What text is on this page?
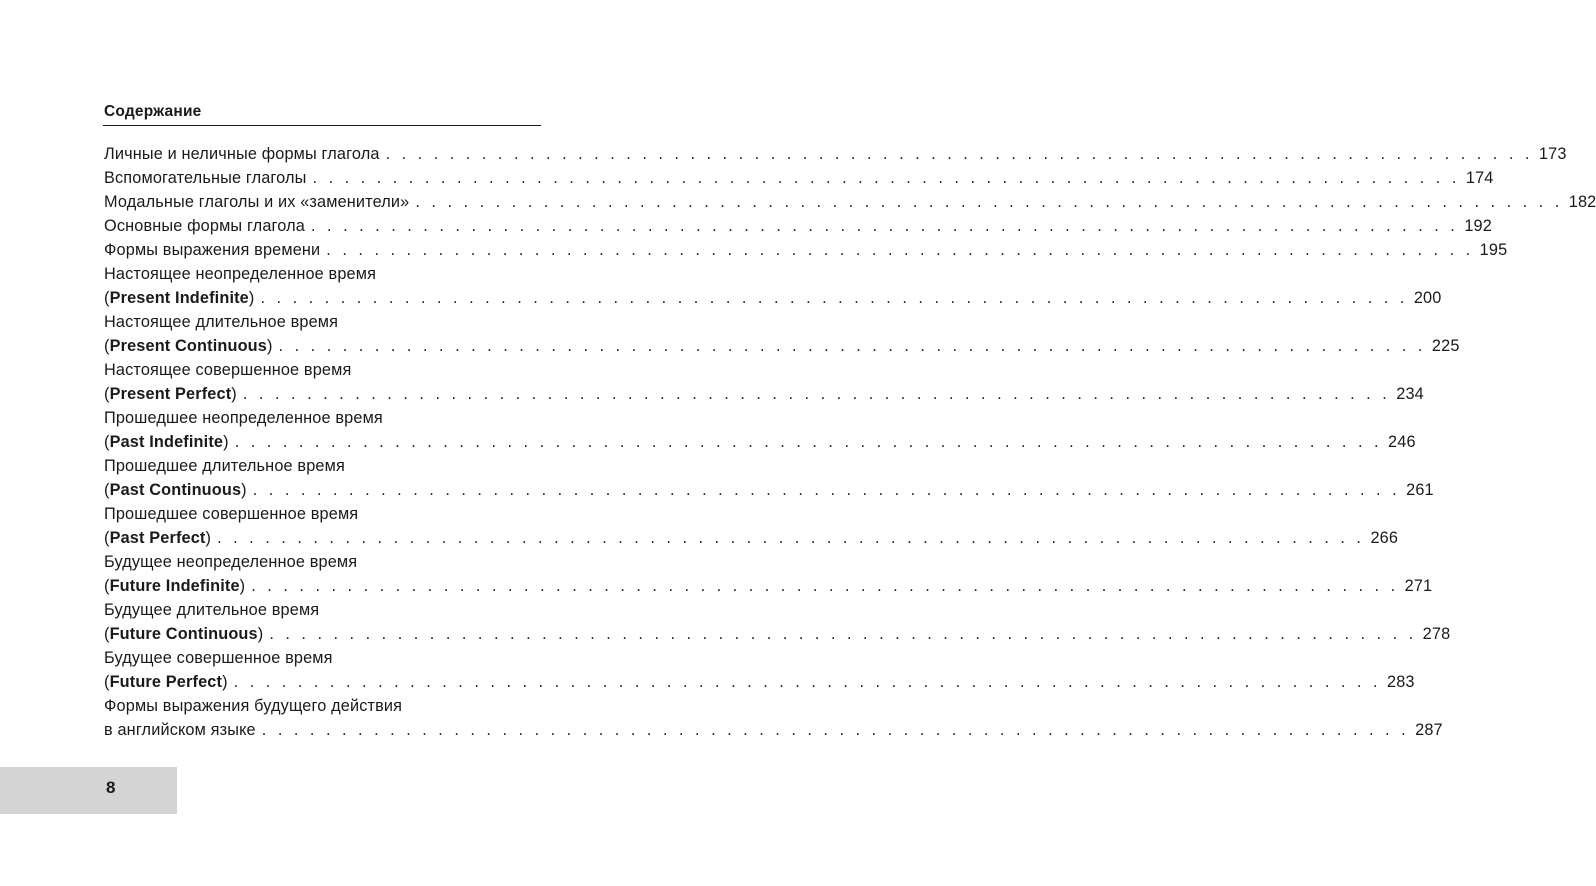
Содержание
Личные и неличные формы глагола . . . . . . . . . . . . . . . . . . . . . . . . . . . . . . . . . . . . . . . . . . . . . . . . . . . . . . . . . . . . . . . . . . . . . . . . 173
Вспомогательные глаголы . . . . . . . . . . . . . . . . . . . . . . . . . . . . . . . . . . . . . . . . . . . . . . . . . . . . . . . . . . . . . . . . . . . . . . . . 174
Модальные глаголы и их «заменители» . . . . . . . . . . . . . . . . . . . . . . . . . . . . . . . . . . . . . . . . . . . . . . . . . . . . . . . . . . . . . . . . . . . . . . . . 182
Основные формы глагола . . . . . . . . . . . . . . . . . . . . . . . . . . . . . . . . . . . . . . . . . . . . . . . . . . . . . . . . . . . . . . . . . . . . . . . . 192
Формы выражения времени . . . . . . . . . . . . . . . . . . . . . . . . . . . . . . . . . . . . . . . . . . . . . . . . . . . . . . . . . . . . . . . . . . . . . . . . 195
Настоящее неопределенное время
(Present Indefinite) . . . . . . . . . . . . . . . . . . . . . . . . . . . . . . . . . . . . . . . . . . . . . . . . . . . . . . . . . . . . . . . . . . . . . . . . 200
Настоящее длительное время
(Present Continuous) . . . . . . . . . . . . . . . . . . . . . . . . . . . . . . . . . . . . . . . . . . . . . . . . . . . . . . . . . . . . . . . . . . . . . . . . 225
Настоящее совершенное время
(Present Perfect) . . . . . . . . . . . . . . . . . . . . . . . . . . . . . . . . . . . . . . . . . . . . . . . . . . . . . . . . . . . . . . . . . . . . . . . . 234
Прошедшее неопределенное время
(Past Indefinite) . . . . . . . . . . . . . . . . . . . . . . . . . . . . . . . . . . . . . . . . . . . . . . . . . . . . . . . . . . . . . . . . . . . . . . . . 246
Прошедшее длительное время
(Past Continuous) . . . . . . . . . . . . . . . . . . . . . . . . . . . . . . . . . . . . . . . . . . . . . . . . . . . . . . . . . . . . . . . . . . . . . . . . 261
Прошедшее совершенное время
(Past Perfect) . . . . . . . . . . . . . . . . . . . . . . . . . . . . . . . . . . . . . . . . . . . . . . . . . . . . . . . . . . . . . . . . . . . . . . . . 266
Будущее неопределенное время
(Future Indefinite) . . . . . . . . . . . . . . . . . . . . . . . . . . . . . . . . . . . . . . . . . . . . . . . . . . . . . . . . . . . . . . . . . . . . . . . . 271
Будущее длительное время
(Future Continuous) . . . . . . . . . . . . . . . . . . . . . . . . . . . . . . . . . . . . . . . . . . . . . . . . . . . . . . . . . . . . . . . . . . . . . . . . 278
Будущее совершенное время
(Future Perfect) . . . . . . . . . . . . . . . . . . . . . . . . . . . . . . . . . . . . . . . . . . . . . . . . . . . . . . . . . . . . . . . . . . . . . . . . 283
Формы выражения будущего действия
в английском языке . . . . . . . . . . . . . . . . . . . . . . . . . . . . . . . . . . . . . . . . . . . . . . . . . . . . . . . . . . . . . . . . . . . . . . . . 287
8
